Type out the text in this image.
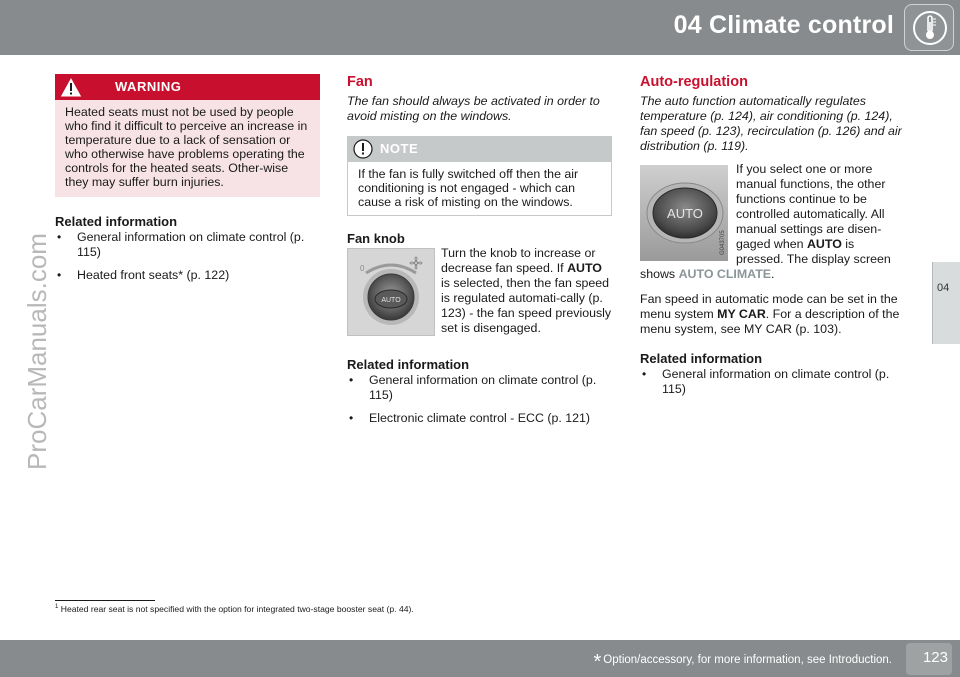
04 Climate control
04
ProCarManuals.com
WARNING
Heated seats must not be used by people who find it difficult to perceive an increase in temperature due to a lack of sensation or who otherwise have problems operating the controls for the heated seats. Other-wise they may suffer burn injuries.
Related information
• General information on climate control (p. 115)
• Heated front seats* (p. 122)
Fan

The fan should always be activated in order to avoid misting on the windows.

NOTE
If the fan is fully switched off then the air conditioning is not engaged - which can cause a risk of misting on the windows.
Fan knob
AUTO
0

Turn the knob to increase or decrease fan speed. If AUTO is selected, then the fan speed is regulated automati-cally (p. 123) - the fan speed previously set is disengaged.

Related information
• General information on climate control (p. 115)
• Electronic climate control - ECC (p. 121)
Auto-regulation

The auto function automatically regulates temperature (p. 124), air conditioning (p. 124), fan speed (p. 123), recirculation (p. 126) and air distribution (p. 119).

AUTO
G043705

If you select one or more manual functions, the other functions continue to be controlled automatically. All manual settings are disen-gaged when AUTO is pressed. The display screen shows AUTO CLIMATE.

Fan speed in automatic mode can be set in the menu system MY CAR. For a description of the menu system, see MY CAR (p. 103).

Related information
• General information on climate control (p. 115)
$^1$ Heated rear seat is not specified with the option for integrated two-stage booster seat (p. 44).
* Option/accessory, for more information, see Introduction. 123
